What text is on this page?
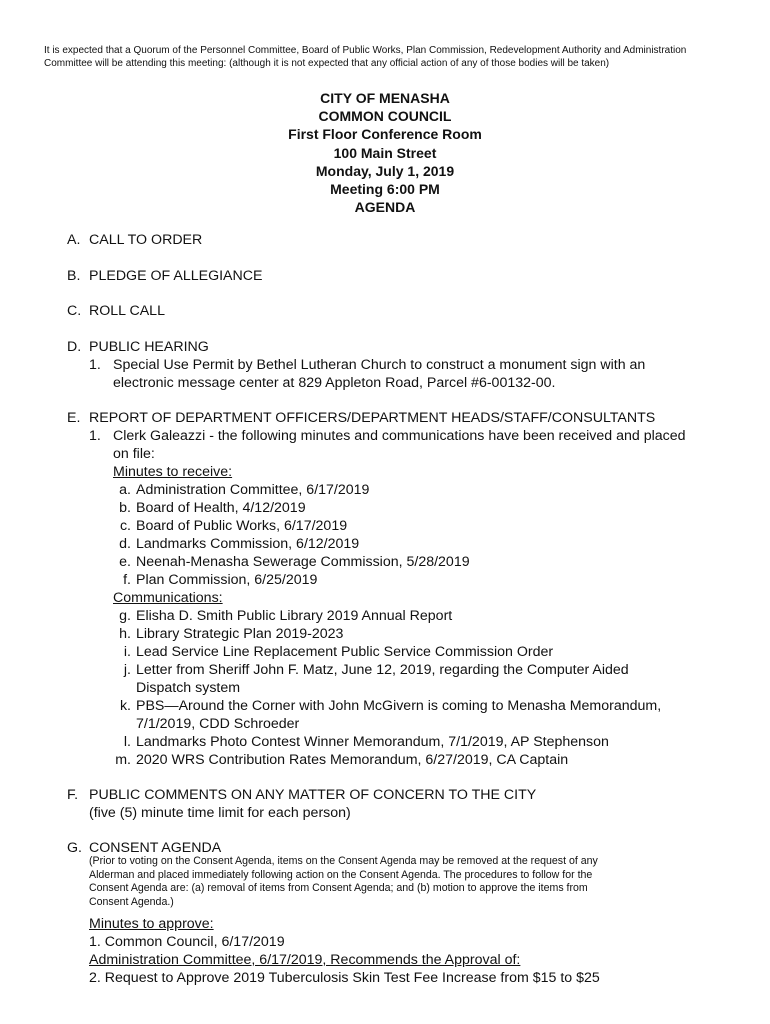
It is expected that a Quorum of the Personnel Committee, Board of Public Works, Plan Commission, Redevelopment Authority and Administration
Committee will be attending this meeting: (although it is not expected that any official action of any of those bodies will be taken)
CITY OF MENASHA
COMMON COUNCIL
First Floor Conference Room
100 Main Street
Monday, July 1, 2019
Meeting 6:00 PM
AGENDA
A. CALL TO ORDER
B. PLEDGE OF ALLEGIANCE
C. ROLL CALL
D. PUBLIC HEARING
1. Special Use Permit by Bethel Lutheran Church to construct a monument sign with an
electronic message center at 829 Appleton Road, Parcel #6-00132-00.
E. REPORT OF DEPARTMENT OFFICERS/DEPARTMENT HEADS/STAFF/CONSULTANTS
1. Clerk Galeazzi - the following minutes and communications have been received and placed
on file:
Minutes to receive:
a. Administration Committee, 6/17/2019
b. Board of Health, 4/12/2019
c. Board of Public Works, 6/17/2019
d. Landmarks Commission, 6/12/2019
e. Neenah-Menasha Sewerage Commission, 5/28/2019
f. Plan Commission, 6/25/2019
Communications:
g. Elisha D. Smith Public Library 2019 Annual Report
h. Library Strategic Plan 2019-2023
i. Lead Service Line Replacement Public Service Commission Order
j. Letter from Sheriff John F. Matz, June 12, 2019, regarding the Computer Aided
Dispatch system
k. PBS—Around the Corner with John McGivern is coming to Menasha Memorandum,
7/1/2019, CDD Schroeder
l. Landmarks Photo Contest Winner Memorandum, 7/1/2019, AP Stephenson
m. 2020 WRS Contribution Rates Memorandum, 6/27/2019, CA Captain
F. PUBLIC COMMENTS ON ANY MATTER OF CONCERN TO THE CITY
(five (5) minute time limit for each person)
G. CONSENT AGENDA
(Prior to voting on the Consent Agenda, items on the Consent Agenda may be removed at the request of any
Alderman and placed immediately following action on the Consent Agenda. The procedures to follow for the
Consent Agenda are: (a) removal of items from Consent Agenda; and (b) motion to approve the items from
Consent Agenda.)
Minutes to approve:
1. Common Council, 6/17/2019
Administration Committee, 6/17/2019, Recommends the Approval of:
2. Request to Approve 2019 Tuberculosis Skin Test Fee Increase from $15 to $25
